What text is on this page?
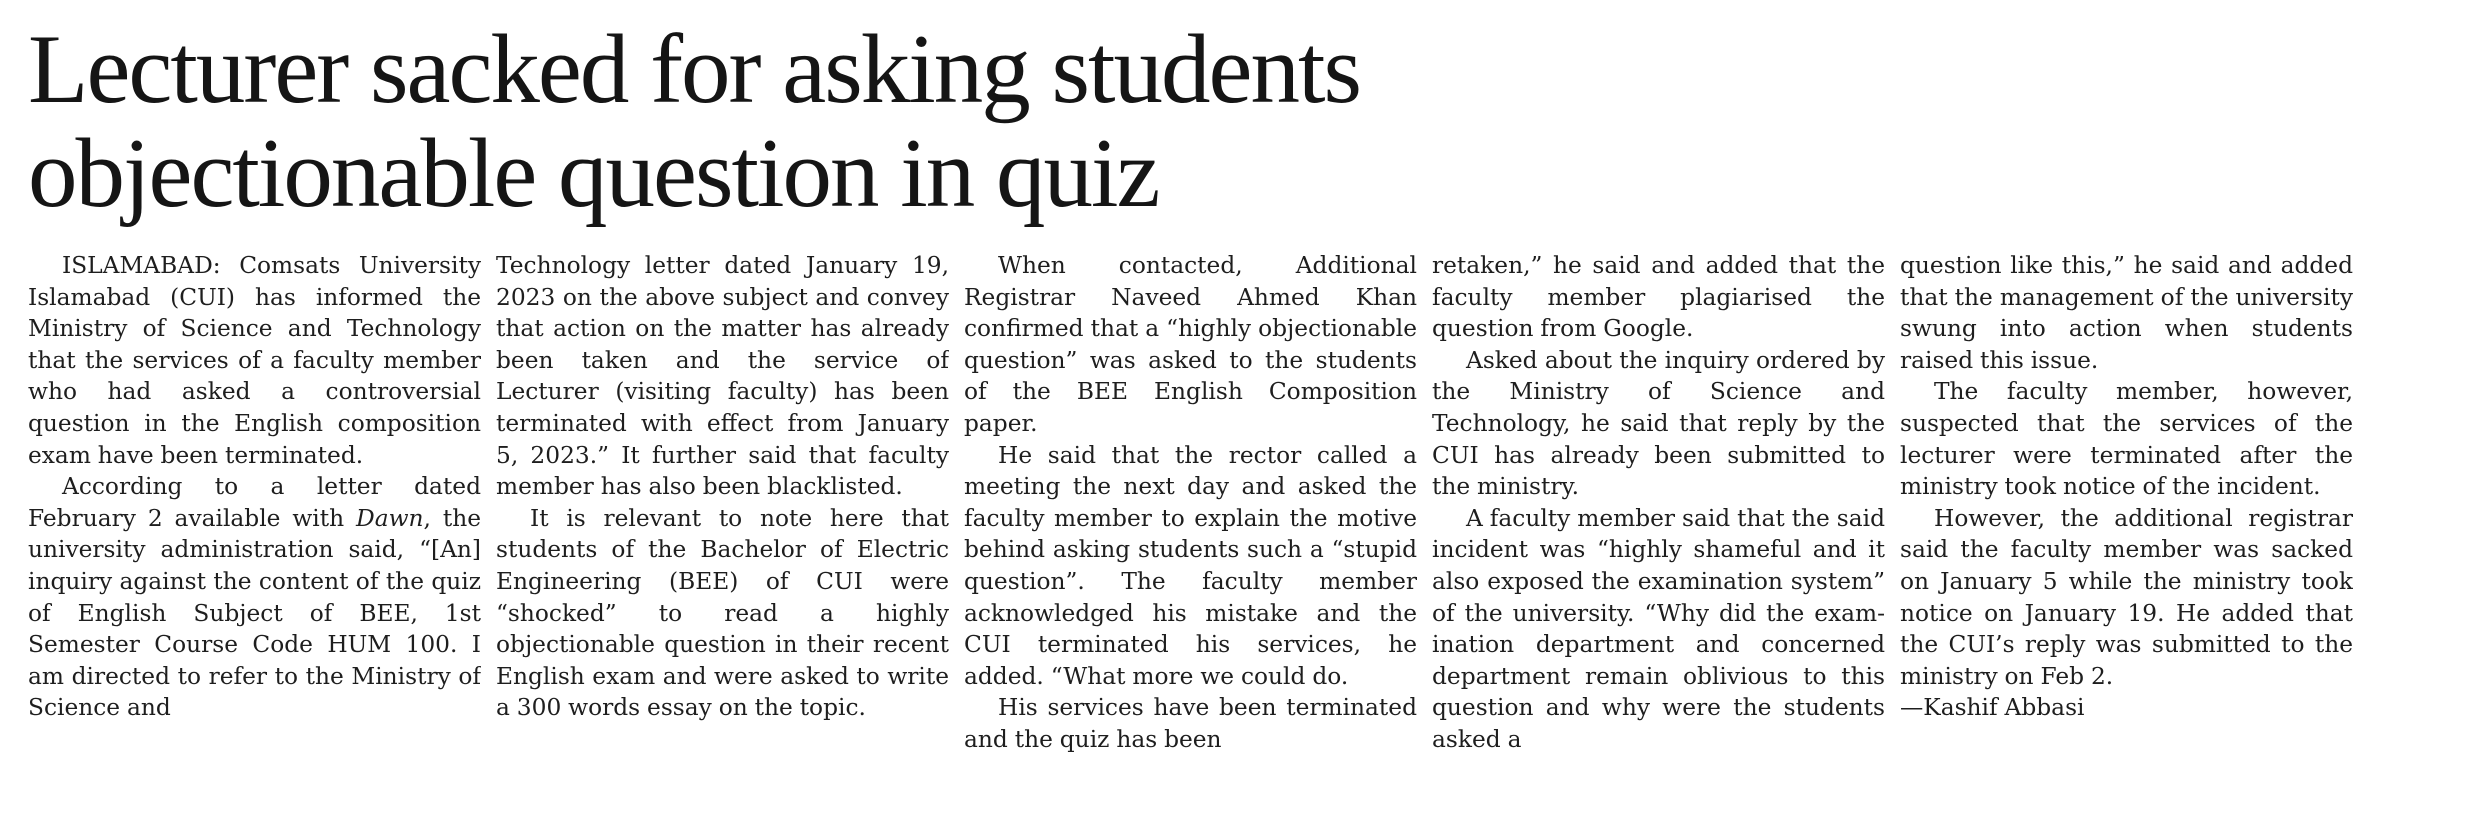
Lecturer sacked for asking students
objectionable question in quiz

ISLAMABAD: Comsats University Islamabad (CUI) has informed the Ministry of Science and Technology that the services of a faculty member who had asked a controversial question in the English composition exam have been terminated.

According to a letter dated February 2 available with Dawn, the university administration said, “[An] inquiry against the content of the quiz of English Subject of BEE, 1st Semester Course Code HUM 100. I am directed to refer to the Ministry of Science and

Technology letter dated January 19, 2023 on the above subject and convey that action on the matter has already been taken and the service of Lecturer (visiting faculty) has been terminated with effect from January 5, 2023.” It further said that faculty member has also been blacklisted.

It is relevant to note here that students of the Bachelor of Electric Engineering (BEE) of CUI were “shocked” to read a highly objectionable question in their recent English exam and were asked to write a 300 words essay on the topic.

When contacted, Additional Registrar Naveed Ahmed Khan confirmed that a “highly objectionable question” was asked to the students of the BEE English Composition paper.

He said that the rector called a meeting the next day and asked the faculty member to explain the motive behind asking students such a “stupid question”. The faculty member acknowledged his mistake and the CUI terminated his services, he added. “What more we could do.

His services have been terminated and the quiz has been

retaken,” he said and added that the faculty member plagiarised the question from Google.

Asked about the inquiry ordered by the Ministry of Science and Technology, he said that reply by the CUI has already been submitted to the ministry.

A faculty member said that the said incident was “highly shameful and it also exposed the examination system” of the university. “Why did the examination department and concerned department remain oblivious to this question and why were the students asked a

question like this,” he said and added that the management of the university swung into action when students raised this issue.

The faculty member, however, suspected that the services of the lecturer were terminated after the ministry took notice of the incident.

However, the additional registrar said the faculty member was sacked on January 5 while the ministry took notice on January 19. He added that the CUI’s reply was submitted to the ministry on Feb 2.

—Kashif Abbasi
